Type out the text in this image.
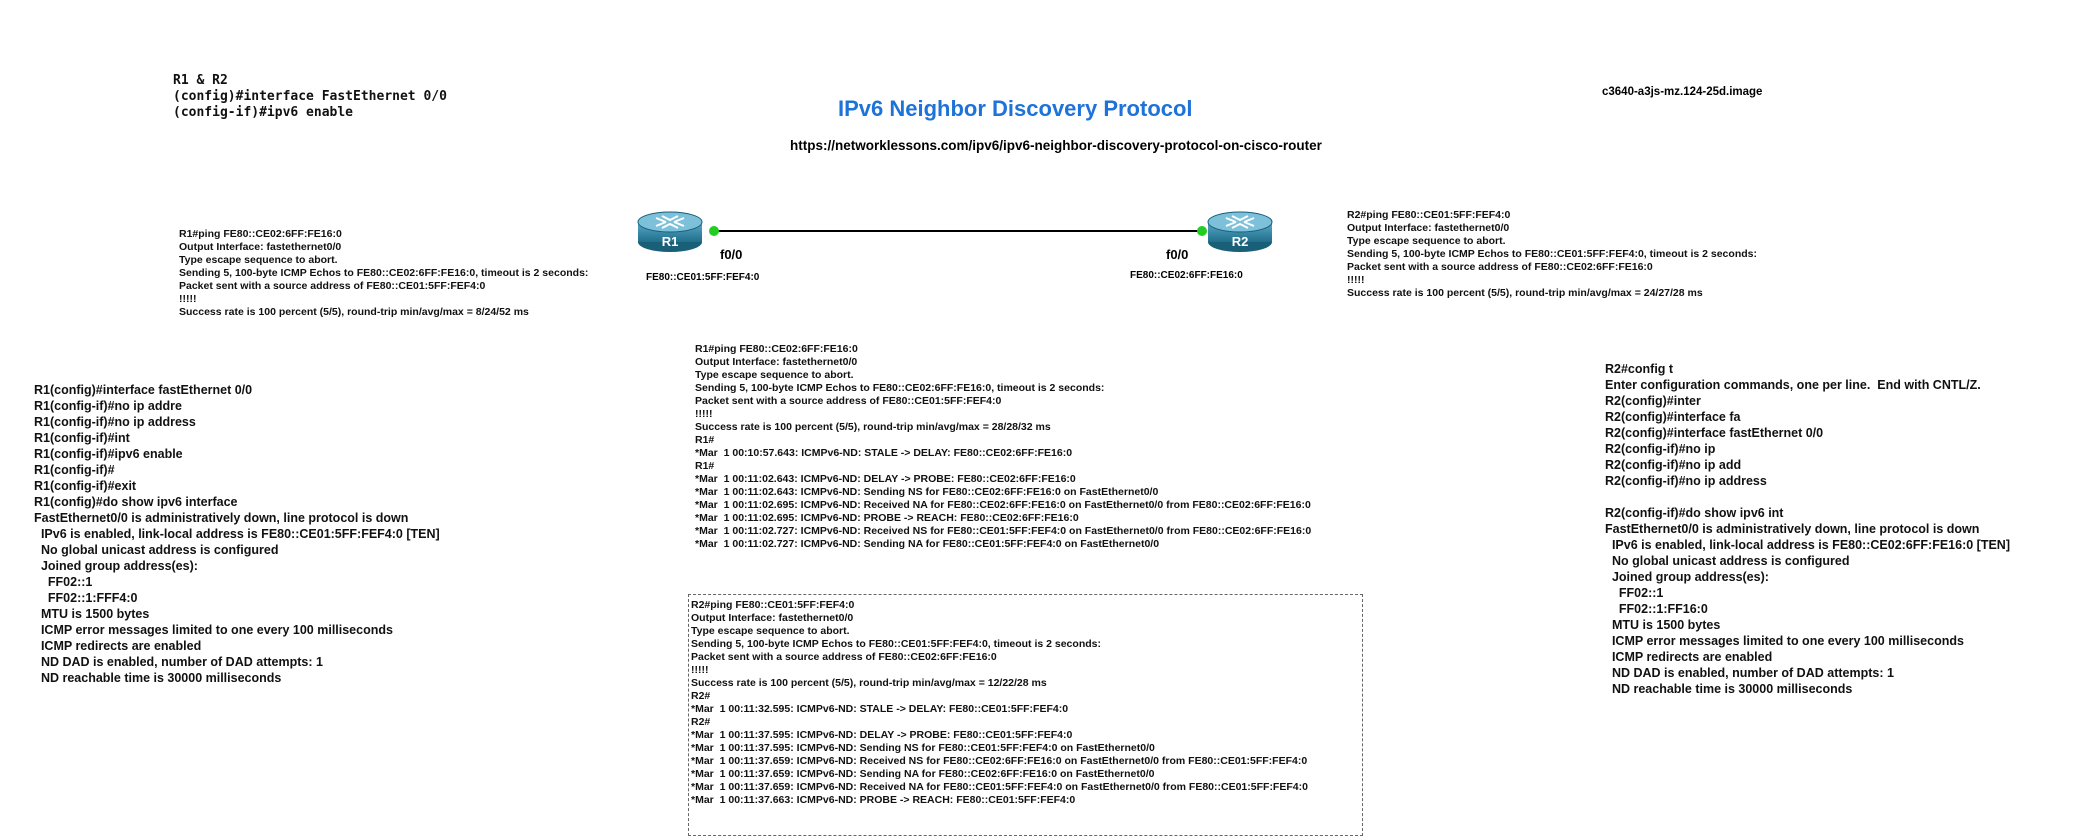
R1 & R2
(config)#interface FastEthernet 0/0
(config-if)#ipv6 enable	IPv6 Neighbor Discovery Protocol
https://networklessons.com/ipv6/ipv6-neighbor-discovery-protocol-on-cisco-router
c3640-a3js-mz.124-25d.image
R1	R2
f0/0	f0/0
FE80::CE01:5FF:FEF4:0	FE80::CE02:6FF:FE16:0
R1#ping FE80::CE02:6FF:FE16:0
Output Interface: fastethernet0/0
Type escape sequence to abort.
Sending 5, 100-byte ICMP Echos to FE80::CE02:6FF:FE16:0, timeout is 2 seconds:
Packet sent with a source address of FE80::CE01:5FF:FEF4:0
!!!!!
Success rate is 100 percent (5/5), round-trip min/avg/max = 8/24/52 ms
R2#ping FE80::CE01:5FF:FEF4:0
Output Interface: fastethernet0/0
Type escape sequence to abort.
Sending 5, 100-byte ICMP Echos to FE80::CE01:5FF:FEF4:0, timeout is 2 seconds:
Packet sent with a source address of FE80::CE02:6FF:FE16:0
!!!!!
Success rate is 100 percent (5/5), round-trip min/avg/max = 24/27/28 ms
R1(config)#interface fastEthernet 0/0
R1(config-if)#no ip addre
R1(config-if)#no ip address
R1(config-if)#int
R1(config-if)#ipv6 enable
R1(config-if)#
R1(config-if)#exit
R1(config)#do show ipv6 interface
FastEthernet0/0 is administratively down, line protocol is down
IPv6 is enabled, link-local address is FE80::CE01:5FF:FEF4:0 [TEN]
No global unicast address is configured
Joined group address(es):
FF02::1
FF02::1:FFF4:0
MTU is 1500 bytes
ICMP error messages limited to one every 100 milliseconds
ICMP redirects are enabled
ND DAD is enabled, number of DAD attempts: 1
ND reachable time is 30000 milliseconds
R2#config t
Enter configuration commands, one per line.  End with CNTL/Z.
R2(config)#inter
R2(config)#interface fa
R2(config)#interface fastEthernet 0/0
R2(config-if)#no ip
R2(config-if)#no ip add
R2(config-if)#no ip address

R2(config-if)#do show ipv6 int
FastEthernet0/0 is administratively down, line protocol is down
IPv6 is enabled, link-local address is FE80::CE02:6FF:FE16:0 [TEN]
No global unicast address is configured
Joined group address(es):
FF02::1
FF02::1:FF16:0
MTU is 1500 bytes
ICMP error messages limited to one every 100 milliseconds
ICMP redirects are enabled
ND DAD is enabled, number of DAD attempts: 1
ND reachable time is 30000 milliseconds
R1#ping FE80::CE02:6FF:FE16:0
Output Interface: fastethernet0/0
Type escape sequence to abort.
Sending 5, 100-byte ICMP Echos to FE80::CE02:6FF:FE16:0, timeout is 2 seconds:
Packet sent with a source address of FE80::CE01:5FF:FEF4:0
!!!!!
Success rate is 100 percent (5/5), round-trip min/avg/max = 28/28/32 ms
R1#
*Mar  1 00:10:57.643: ICMPv6-ND: STALE -> DELAY: FE80::CE02:6FF:FE16:0
R1#
*Mar  1 00:11:02.643: ICMPv6-ND: DELAY -> PROBE: FE80::CE02:6FF:FE16:0
*Mar  1 00:11:02.643: ICMPv6-ND: Sending NS for FE80::CE02:6FF:FE16:0 on FastEthernet0/0
*Mar  1 00:11:02.695: ICMPv6-ND: Received NA for FE80::CE02:6FF:FE16:0 on FastEthernet0/0 from FE80::CE02:6FF:FE16:0
*Mar  1 00:11:02.695: ICMPv6-ND: PROBE -> REACH: FE80::CE02:6FF:FE16:0
*Mar  1 00:11:02.727: ICMPv6-ND: Received NS for FE80::CE01:5FF:FEF4:0 on FastEthernet0/0 from FE80::CE02:6FF:FE16:0
*Mar  1 00:11:02.727: ICMPv6-ND: Sending NA for FE80::CE01:5FF:FEF4:0 on FastEthernet0/0
R2#ping FE80::CE01:5FF:FEF4:0
Output Interface: fastethernet0/0
Type escape sequence to abort.
Sending 5, 100-byte ICMP Echos to FE80::CE01:5FF:FEF4:0, timeout is 2 seconds:
Packet sent with a source address of FE80::CE02:6FF:FE16:0
!!!!!
Success rate is 100 percent (5/5), round-trip min/avg/max = 12/22/28 ms
R2#
*Mar  1 00:11:32.595: ICMPv6-ND: STALE -> DELAY: FE80::CE01:5FF:FEF4:0
R2#
*Mar  1 00:11:37.595: ICMPv6-ND: DELAY -> PROBE: FE80::CE01:5FF:FEF4:0
*Mar  1 00:11:37.595: ICMPv6-ND: Sending NS for FE80::CE01:5FF:FEF4:0 on FastEthernet0/0
*Mar  1 00:11:37.659: ICMPv6-ND: Received NS for FE80::CE02:6FF:FE16:0 on FastEthernet0/0 from FE80::CE01:5FF:FEF4:0
*Mar  1 00:11:37.659: ICMPv6-ND: Sending NA for FE80::CE02:6FF:FE16:0 on FastEthernet0/0
*Mar  1 00:11:37.659: ICMPv6-ND: Received NA for FE80::CE01:5FF:FEF4:0 on FastEthernet0/0 from FE80::CE01:5FF:FEF4:0
*Mar  1 00:11:37.663: ICMPv6-ND: PROBE -> REACH: FE80::CE01:5FF:FEF4:0
